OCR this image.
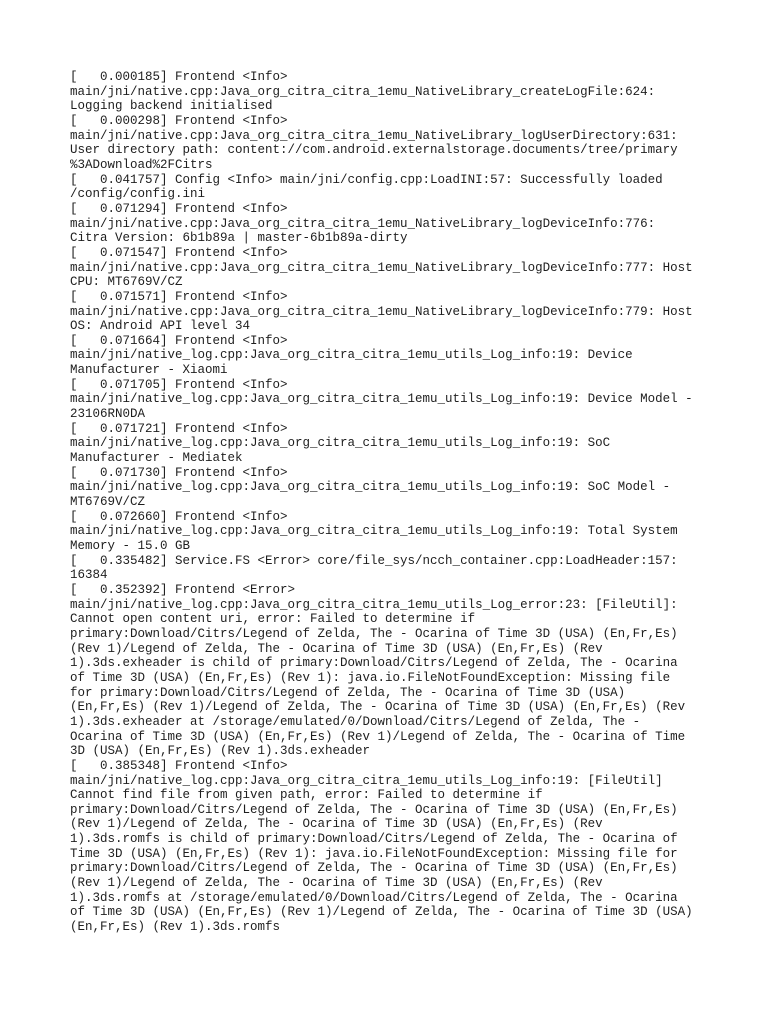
[   0.000185] Frontend <Info>
main/jni/native.cpp:Java_org_citra_citra_1emu_NativeLibrary_createLogFile:624:
Logging backend initialised
[   0.000298] Frontend <Info>
main/jni/native.cpp:Java_org_citra_citra_1emu_NativeLibrary_logUserDirectory:631:
User directory path: content://com.android.externalstorage.documents/tree/primary
%3ADownload%2FCitrs
[   0.041757] Config <Info> main/jni/config.cpp:LoadINI:57: Successfully loaded
/config/config.ini
[   0.071294] Frontend <Info>
main/jni/native.cpp:Java_org_citra_citra_1emu_NativeLibrary_logDeviceInfo:776:
Citra Version: 6b1b89a | master-6b1b89a-dirty
[   0.071547] Frontend <Info>
main/jni/native.cpp:Java_org_citra_citra_1emu_NativeLibrary_logDeviceInfo:777: Host
CPU: MT6769V/CZ
[   0.071571] Frontend <Info>
main/jni/native.cpp:Java_org_citra_citra_1emu_NativeLibrary_logDeviceInfo:779: Host
OS: Android API level 34
[   0.071664] Frontend <Info>
main/jni/native_log.cpp:Java_org_citra_citra_1emu_utils_Log_info:19: Device
Manufacturer - Xiaomi
[   0.071705] Frontend <Info>
main/jni/native_log.cpp:Java_org_citra_citra_1emu_utils_Log_info:19: Device Model -
23106RN0DA
[   0.071721] Frontend <Info>
main/jni/native_log.cpp:Java_org_citra_citra_1emu_utils_Log_info:19: SoC
Manufacturer - Mediatek
[   0.071730] Frontend <Info>
main/jni/native_log.cpp:Java_org_citra_citra_1emu_utils_Log_info:19: SoC Model -
MT6769V/CZ
[   0.072660] Frontend <Info>
main/jni/native_log.cpp:Java_org_citra_citra_1emu_utils_Log_info:19: Total System
Memory - 15.0 GB
[   0.335482] Service.FS <Error> core/file_sys/ncch_container.cpp:LoadHeader:157:
16384
[   0.352392] Frontend <Error>
main/jni/native_log.cpp:Java_org_citra_citra_1emu_utils_Log_error:23: [FileUtil]:
Cannot open content uri, error: Failed to determine if
primary:Download/Citrs/Legend of Zelda, The - Ocarina of Time 3D (USA) (En,Fr,Es)
(Rev 1)/Legend of Zelda, The - Ocarina of Time 3D (USA) (En,Fr,Es) (Rev
1).3ds.exheader is child of primary:Download/Citrs/Legend of Zelda, The - Ocarina
of Time 3D (USA) (En,Fr,Es) (Rev 1): java.io.FileNotFoundException: Missing file
for primary:Download/Citrs/Legend of Zelda, The - Ocarina of Time 3D (USA)
(En,Fr,Es) (Rev 1)/Legend of Zelda, The - Ocarina of Time 3D (USA) (En,Fr,Es) (Rev
1).3ds.exheader at /storage/emulated/0/Download/Citrs/Legend of Zelda, The -
Ocarina of Time 3D (USA) (En,Fr,Es) (Rev 1)/Legend of Zelda, The - Ocarina of Time
3D (USA) (En,Fr,Es) (Rev 1).3ds.exheader
[   0.385348] Frontend <Info>
main/jni/native_log.cpp:Java_org_citra_citra_1emu_utils_Log_info:19: [FileUtil]
Cannot find file from given path, error: Failed to determine if
primary:Download/Citrs/Legend of Zelda, The - Ocarina of Time 3D (USA) (En,Fr,Es)
(Rev 1)/Legend of Zelda, The - Ocarina of Time 3D (USA) (En,Fr,Es) (Rev
1).3ds.romfs is child of primary:Download/Citrs/Legend of Zelda, The - Ocarina of
Time 3D (USA) (En,Fr,Es) (Rev 1): java.io.FileNotFoundException: Missing file for
primary:Download/Citrs/Legend of Zelda, The - Ocarina of Time 3D (USA) (En,Fr,Es)
(Rev 1)/Legend of Zelda, The - Ocarina of Time 3D (USA) (En,Fr,Es) (Rev
1).3ds.romfs at /storage/emulated/0/Download/Citrs/Legend of Zelda, The - Ocarina
of Time 3D (USA) (En,Fr,Es) (Rev 1)/Legend of Zelda, The - Ocarina of Time 3D (USA)
(En,Fr,Es) (Rev 1).3ds.romfs
